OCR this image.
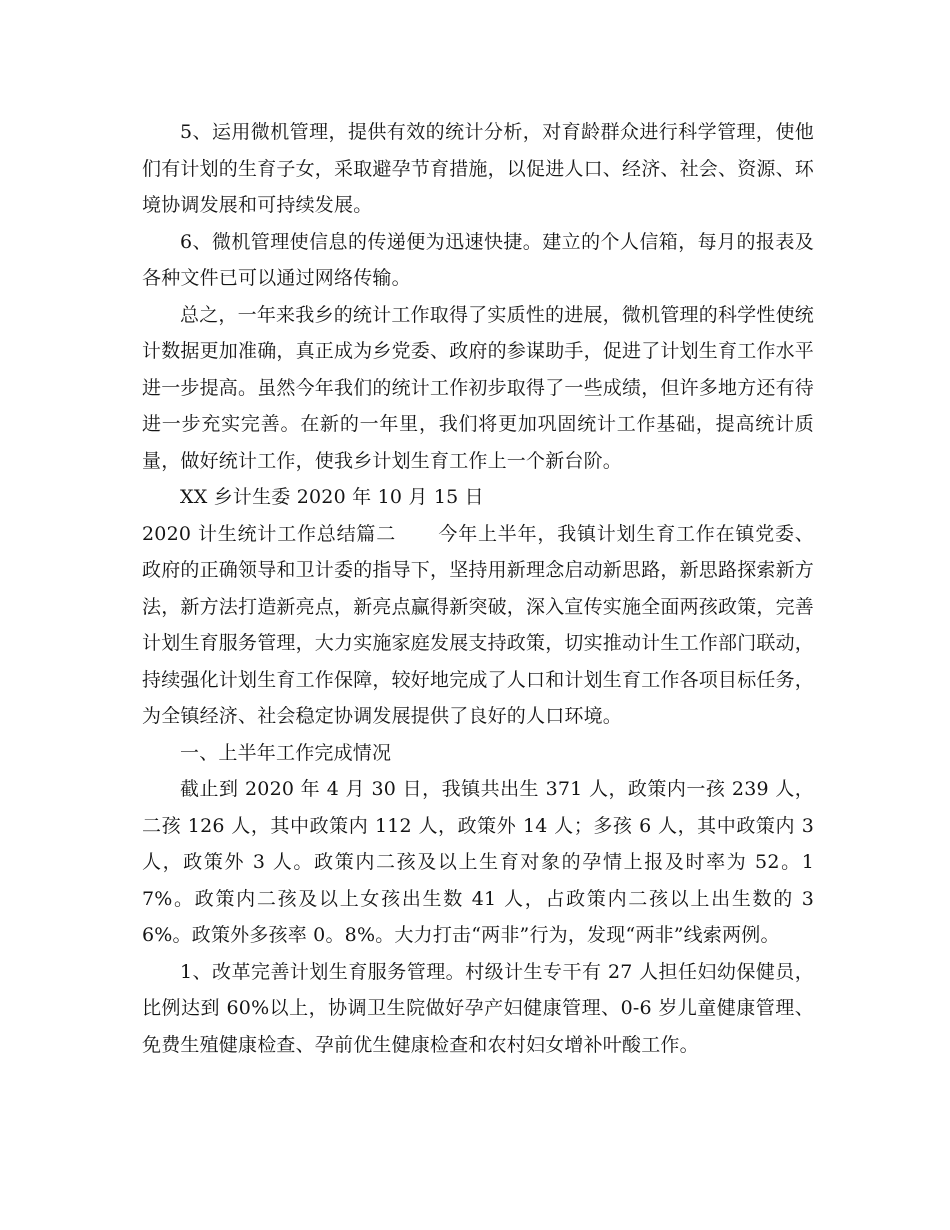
5、运用微机管理，提供有效的统计分析，对育龄群众进行科学管理，使他们有计划的生育子女，采取避孕节育措施，以促进人口、经济、社会、资源、环境协调发展和可持续发展。

6、微机管理使信息的传递便为迅速快捷。建立的个人信箱，每月的报表及各种文件已可以通过网络传输。

总之，一年来我乡的统计工作取得了实质性的进展，微机管理的科学性使统计数据更加准确，真正成为乡党委、政府的参谋助手，促进了计划生育工作水平进一步提高。虽然今年我们的统计工作初步取得了一些成绩，但许多地方还有待进一步充实完善。在新的一年里，我们将更加巩固统计工作基础，提高统计质量，做好统计工作，使我乡计划生育工作上一个新台阶。

XX 乡计生委 2020 年 10 月 15 日

2020 计生统计工作总结篇二 今年上半年，我镇计划生育工作在镇党委、政府的正确领导和卫计委的指导下，坚持用新理念启动新思路，新思路探索新方法，新方法打造新亮点，新亮点赢得新突破，深入宣传实施全面两孩政策，完善计划生育服务管理，大力实施家庭发展支持政策，切实推动计生工作部门联动，持续强化计划生育工作保障，较好地完成了人口和计划生育工作各项目标任务，为全镇经济、社会稳定协调发展提供了良好的人口环境。

一、上半年工作完成情况

截止到 2020 年 4 月 30 日，我镇共出生 371 人，政策内一孩 239 人，二孩 126 人，其中政策内 112 人，政策外 14 人；多孩 6 人，其中政策内 3 人，政策外 3 人。政策内二孩及以上生育对象的孕情上报及时率为 52。17%。政策内二孩及以上女孩出生数 41 人，占政策内二孩以上出生数的 36%。政策外多孩率 0。8%。大力打击“两非”行为，发现“两非”线索两例。

1、改革完善计划生育服务管理。村级计生专干有 27 人担任妇幼保健员，比例达到 60%以上，协调卫生院做好孕产妇健康管理、0-6 岁儿童健康管理、免费生殖健康检查、孕前优生健康检查和农村妇女增补叶酸工作。
